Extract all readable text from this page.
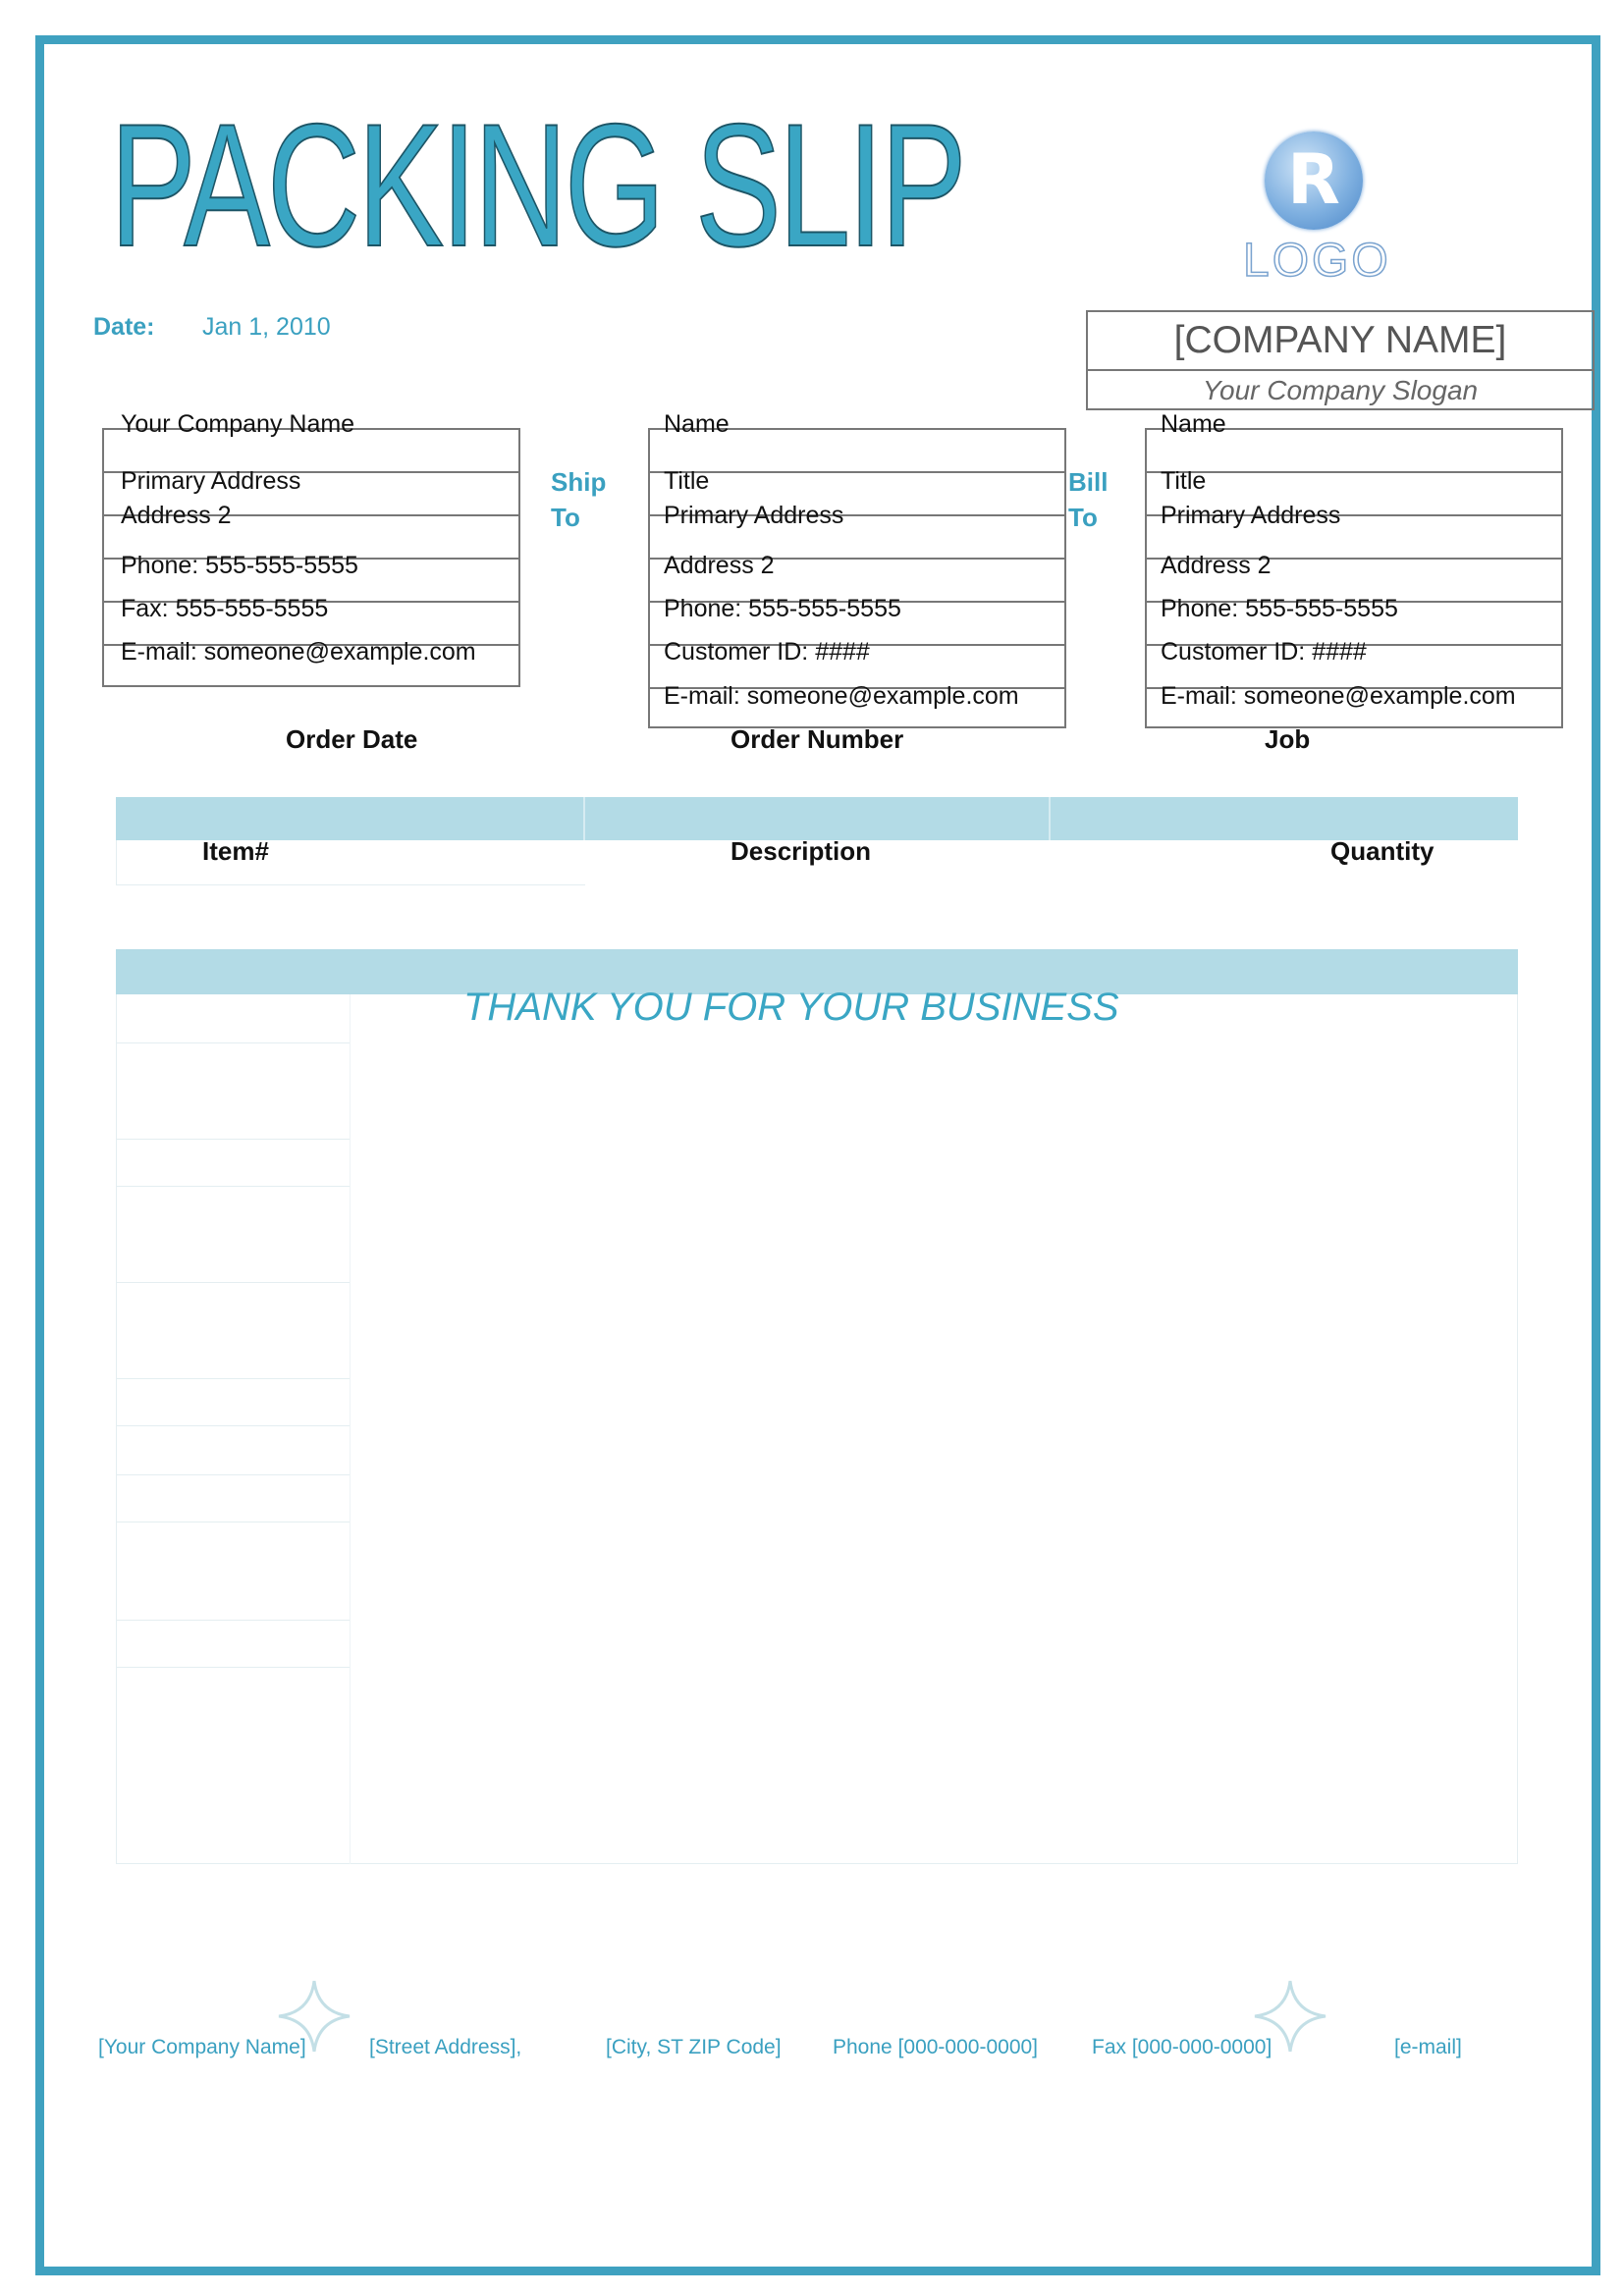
PACKING SLIP	R
LOGO
Date: Jan 1, 2010	[COMPANY NAME]
Your Company Slogan
Your Company Name
Primary Address
Address 2
Phone: 555-555-5555
Fax: 555-555-5555
E-mail: someone@example.com
Ship
To
Name
Title
Primary Address
Address 2
Phone: 555-555-5555
Customer ID: ####
E-mail: someone@example.com
Bill
To
Name
Title
Primary Address
Address 2
Phone: 555-555-5555
Customer ID: ####
E-mail: someone@example.com
Order Date	Order Number	Job
Item#	Description	Quantity
THANK YOU FOR YOUR BUSINESS
[Your Company Name]	[Street Address],	[City, ST ZIP Code] Phone [000-000-0000]	Fax [000-000-0000]	[e-mail]
